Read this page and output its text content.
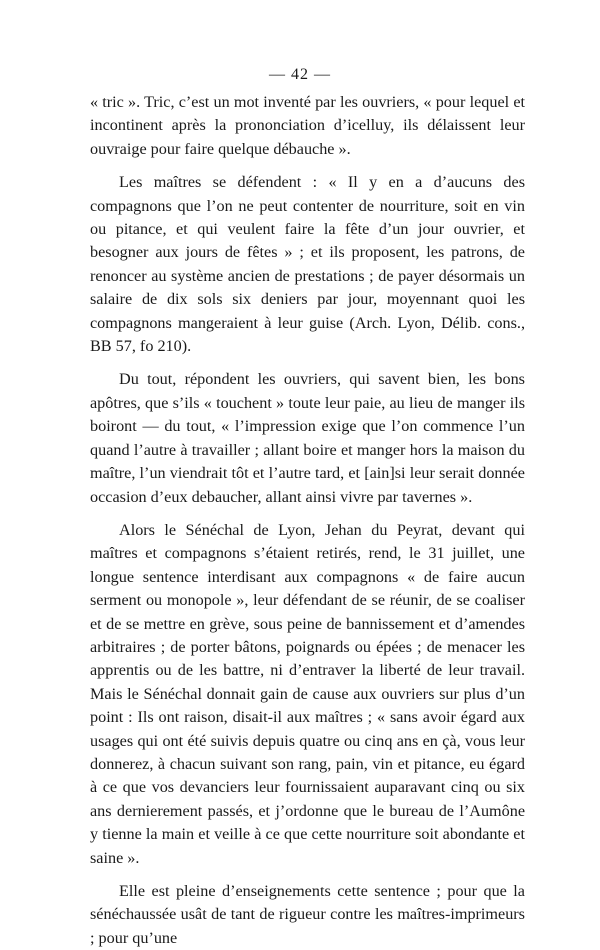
— 42 —

« tric ». Tric, c’est un mot inventé par les ouvriers, « pour lequel et incontinent après la prononciation d’icelluy, ils délaissent leur ouvraige pour faire quelque débauche ».

Les maîtres se défendent : « Il y en a d’aucuns des compagnons que l’on ne peut contenter de nourriture, soit en vin ou pitance, et qui veulent faire la fête d’un jour ouvrier, et besogner aux jours de fêtes » ; et ils proposent, les patrons, de renoncer au système ancien de prestations ; de payer désormais un salaire de dix sols six deniers par jour, moyennant quoi les compagnons mangeraient à leur guise (Arch. Lyon, Délib. cons., BB 57, fo 210).

Du tout, répondent les ouvriers, qui savent bien, les bons apôtres, que s’ils « touchent » toute leur paie, au lieu de manger ils boiront — du tout, « l’impression exige que l’on commence l’un quand l’autre à travailler ; allant boire et manger hors la maison du maître, l’un viendrait tôt et l’autre tard, et [ain]si leur serait donnée occasion d’eux debaucher, allant ainsi vivre par tavernes ».

Alors le Sénéchal de Lyon, Jehan du Peyrat, devant qui maîtres et compagnons s’étaient retirés, rend, le 31 juillet, une longue sentence interdisant aux compagnons « de faire aucun serment ou monopole », leur défendant de se réunir, de se coaliser et de se mettre en grève, sous peine de bannissement et d’amendes arbitraires ; de porter bâtons, poignards ou épées ; de menacer les apprentis ou de les battre, ni d’entraver la liberté de leur travail. Mais le Sénéchal donnait gain de cause aux ouvriers sur plus d’un point : Ils ont raison, disait-il aux maîtres ; « sans avoir égard aux usages qui ont été suivis depuis quatre ou cinq ans en çà, vous leur donnerez, à chacun suivant son rang, pain, vin et pitance, eu égard à ce que vos devanciers leur fournissaient auparavant cinq ou six ans dernierement passés, et j’ordonne que le bureau de l’Aumône y tienne la main et veille à ce que cette nourriture soit abondante et saine ».

Elle est pleine d’enseignements cette sentence ; pour que la sénéchaussée usât de tant de rigueur contre les maîtres-imprimeurs ; pour qu’une
